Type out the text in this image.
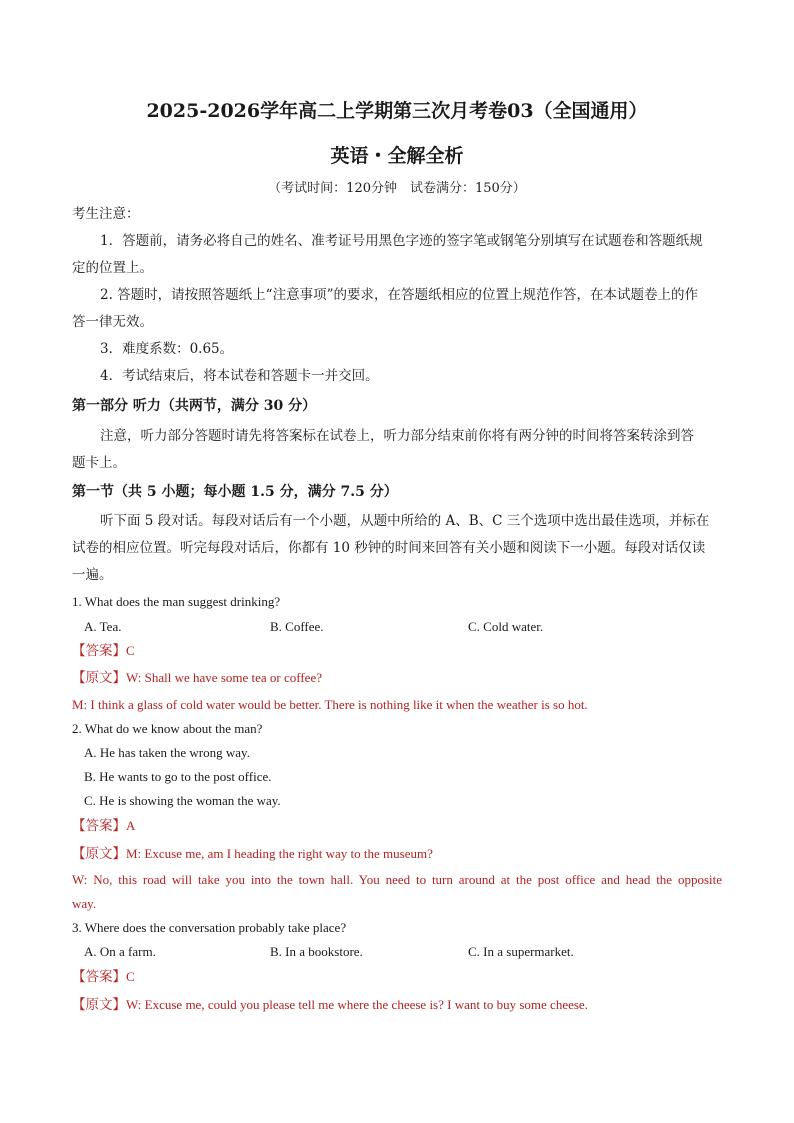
2025-2026学年高二上学期第三次月考卷03（全国通用）
英语・全解全析
（考试时间：120分钟　试卷满分：150分）
考生注意：
1．答题前，请务必将自己的姓名、准考证号用黑色字迹的签字笔或钢笔分别填写在试题卷和答题纸规
定的位置上。
2. 答题时，请按照答题纸上“注意事项”的要求，在答题纸相应的位置上规范作答，在本试题卷上的作
答一律无效。
3．难度系数：0.65。
4．考试结束后，将本试卷和答题卡一并交回。
第一部分 听力（共两节，满分 30 分）
注意，听力部分答题时请先将答案标在试卷上，听力部分结束前你将有两分钟的时间将答案转涂到答
题卡上。
第一节（共 5 小题；每小题 1.5 分，满分 7.5 分）
听下面 5 段对话。每段对话后有一个小题，从题中所给的 A、B、C 三个选项中选出最佳选项，并标在
试卷的相应位置。听完每段对话后，你都有 10 秒钟的时间来回答有关小题和阅读下一小题。每段对话仅读
一遍。
1. What does the man suggest drinking?
A. Tea.	B. Coffee.	C. Cold water.
【答案】C
【原文】W: Shall we have some tea or coffee?
M: I think a glass of cold water would be better. There is nothing like it when the weather is so hot.
2. What do we know about the man?
A. He has taken the wrong way.
B. He wants to go to the post office.
C. He is showing the woman the way.
【答案】A
【原文】M: Excuse me, am I heading the right way to the museum?
W: No, this road will take you into the town hall. You need to turn around at the post office and head the opposite
way.
3. Where does the conversation probably take place?
A. On a farm.	B. In a bookstore.	C. In a supermarket.
【答案】C
【原文】W: Excuse me, could you please tell me where the cheese is? I want to buy some cheese.
